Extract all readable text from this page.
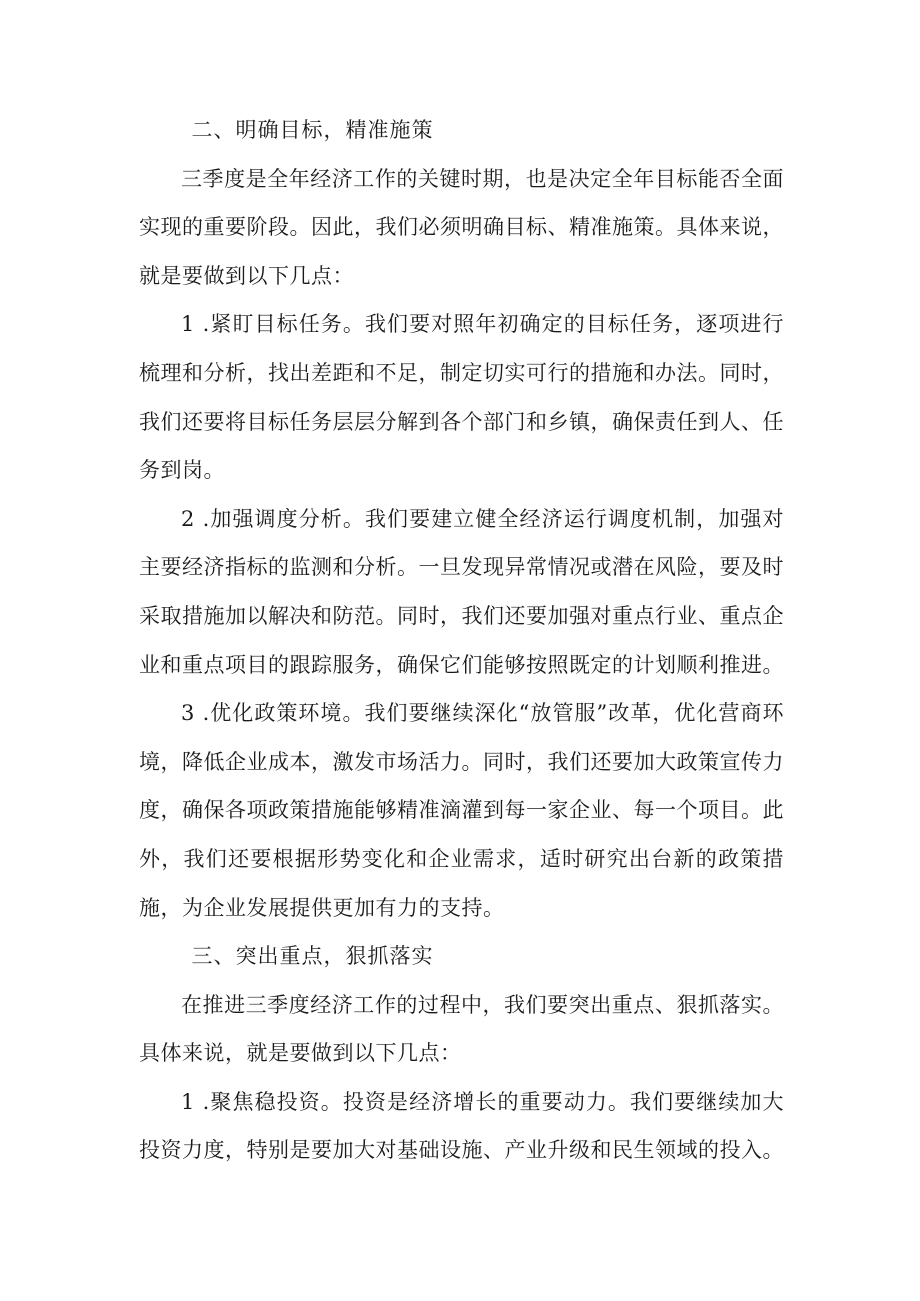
二、明确目标，精准施策

三季度是全年经济工作的关键时期，也是决定全年目标能否全面实现的重要阶段。因此，我们必须明确目标、精准施策。具体来说，就是要做到以下几点：

1 .紧盯目标任务。我们要对照年初确定的目标任务，逐项进行梳理和分析，找出差距和不足，制定切实可行的措施和办法。同时，我们还要将目标任务层层分解到各个部门和乡镇，确保责任到人、任务到岗。

2 .加强调度分析。我们要建立健全经济运行调度机制，加强对主要经济指标的监测和分析。一旦发现异常情况或潜在风险，要及时采取措施加以解决和防范。同时，我们还要加强对重点行业、重点企业和重点项目的跟踪服务，确保它们能够按照既定的计划顺利推进。

3 .优化政策环境。我们要继续深化“放管服”改革，优化营商环境，降低企业成本，激发市场活力。同时，我们还要加大政策宣传力度，确保各项政策措施能够精准滴灌到每一家企业、每一个项目。此外，我们还要根据形势变化和企业需求，适时研究出台新的政策措施，为企业发展提供更加有力的支持。

三、突出重点，狠抓落实

在推进三季度经济工作的过程中，我们要突出重点、狠抓落实。具体来说，就是要做到以下几点：

1 .聚焦稳投资。投资是经济增长的重要动力。我们要继续加大投资力度，特别是要加大对基础设施、产业升级和民生领域的投入。
